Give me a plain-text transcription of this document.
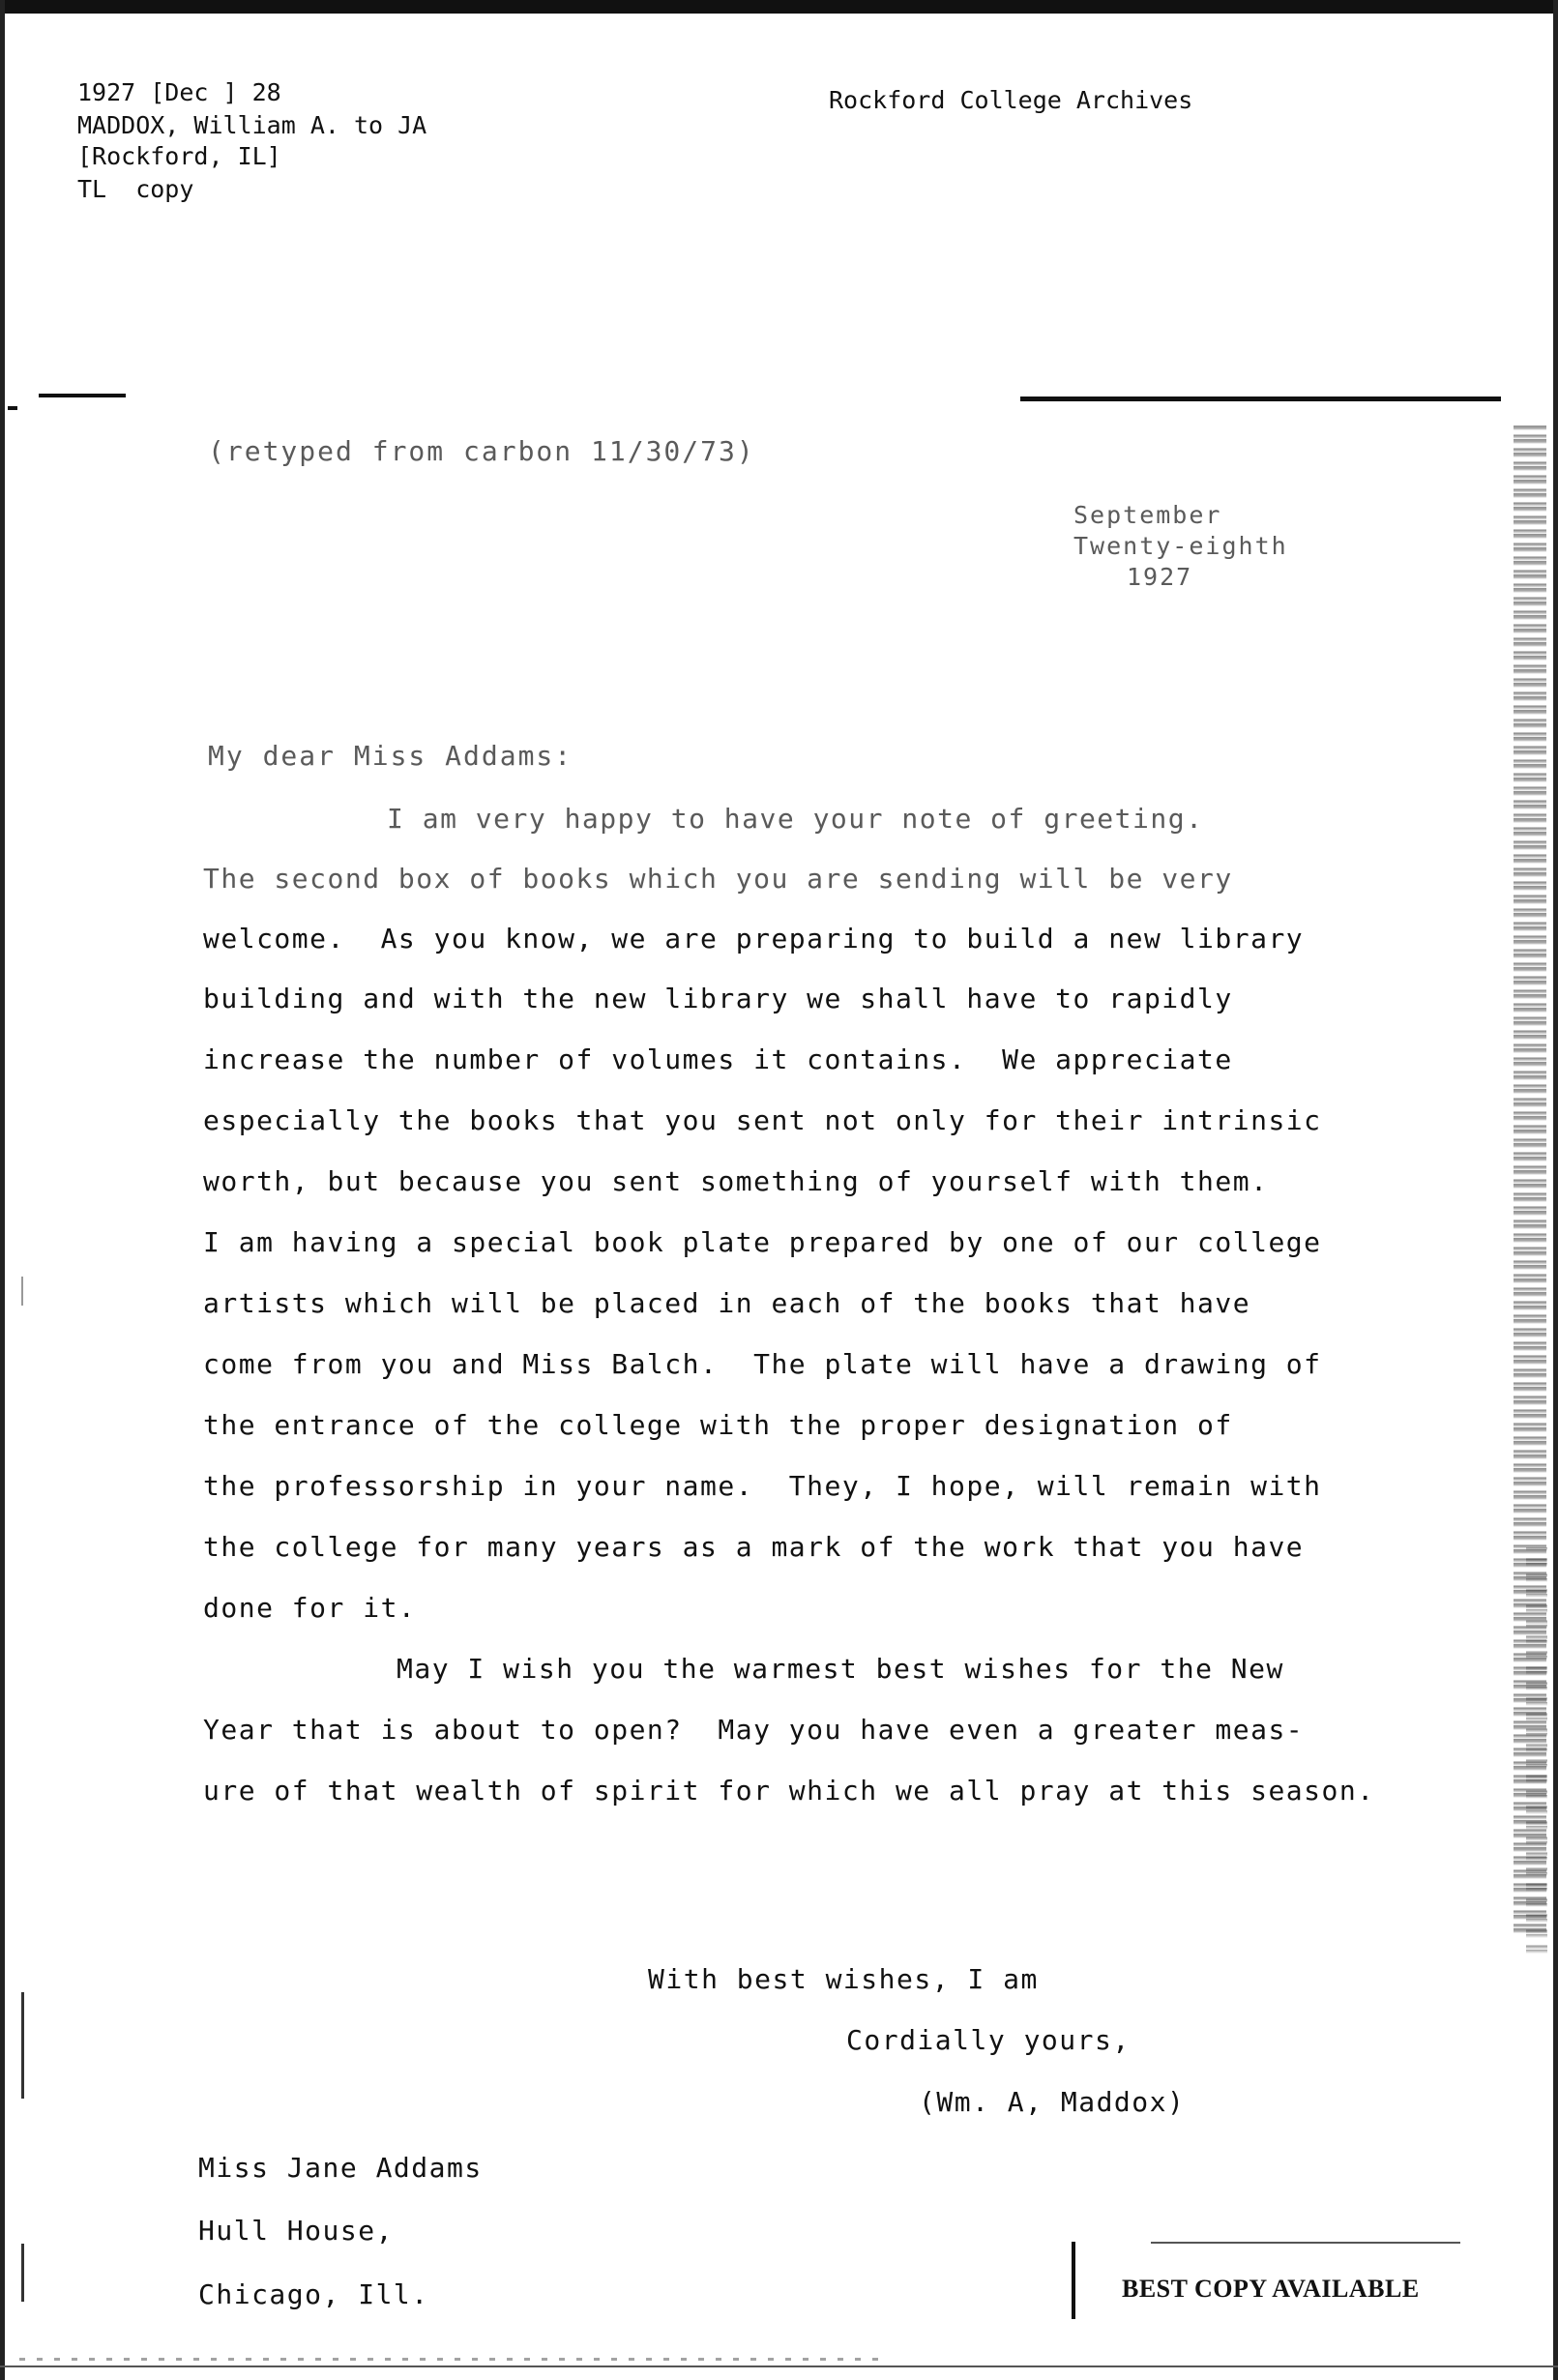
1927 [Dec ] 28
MADDOX, William A. to JA
[Rockford, IL]
TL  copy
Rockford College Archives
(retyped from carbon 11/30/73)
September
Twenty-eighth
1927
My dear Miss Addams:
I am very happy to have your note of greeting.
The second box of books which you are sending will be very
welcome.  As you know, we are preparing to build a new library
building and with the new library we shall have to rapidly
increase the number of volumes it contains.  We appreciate
especially the books that you sent not only for their intrinsic
worth, but because you sent something of yourself with them.
I am having a special book plate prepared by one of our college
artists which will be placed in each of the books that have
come from you and Miss Balch.  The plate will have a drawing of
the entrance of the college with the proper designation of
the professorship in your name.  They, I hope, will remain with
the college for many years as a mark of the work that you have
done for it.
May I wish you the warmest best wishes for the New
Year that is about to open?  May you have even a greater meas-
ure of that wealth of spirit for which we all pray at this season.
With best wishes, I am
Cordially yours,
(Wm. A, Maddox)
Miss Jane Addams
Hull House,
Chicago, Ill.	BEST COPY AVAILABLE
